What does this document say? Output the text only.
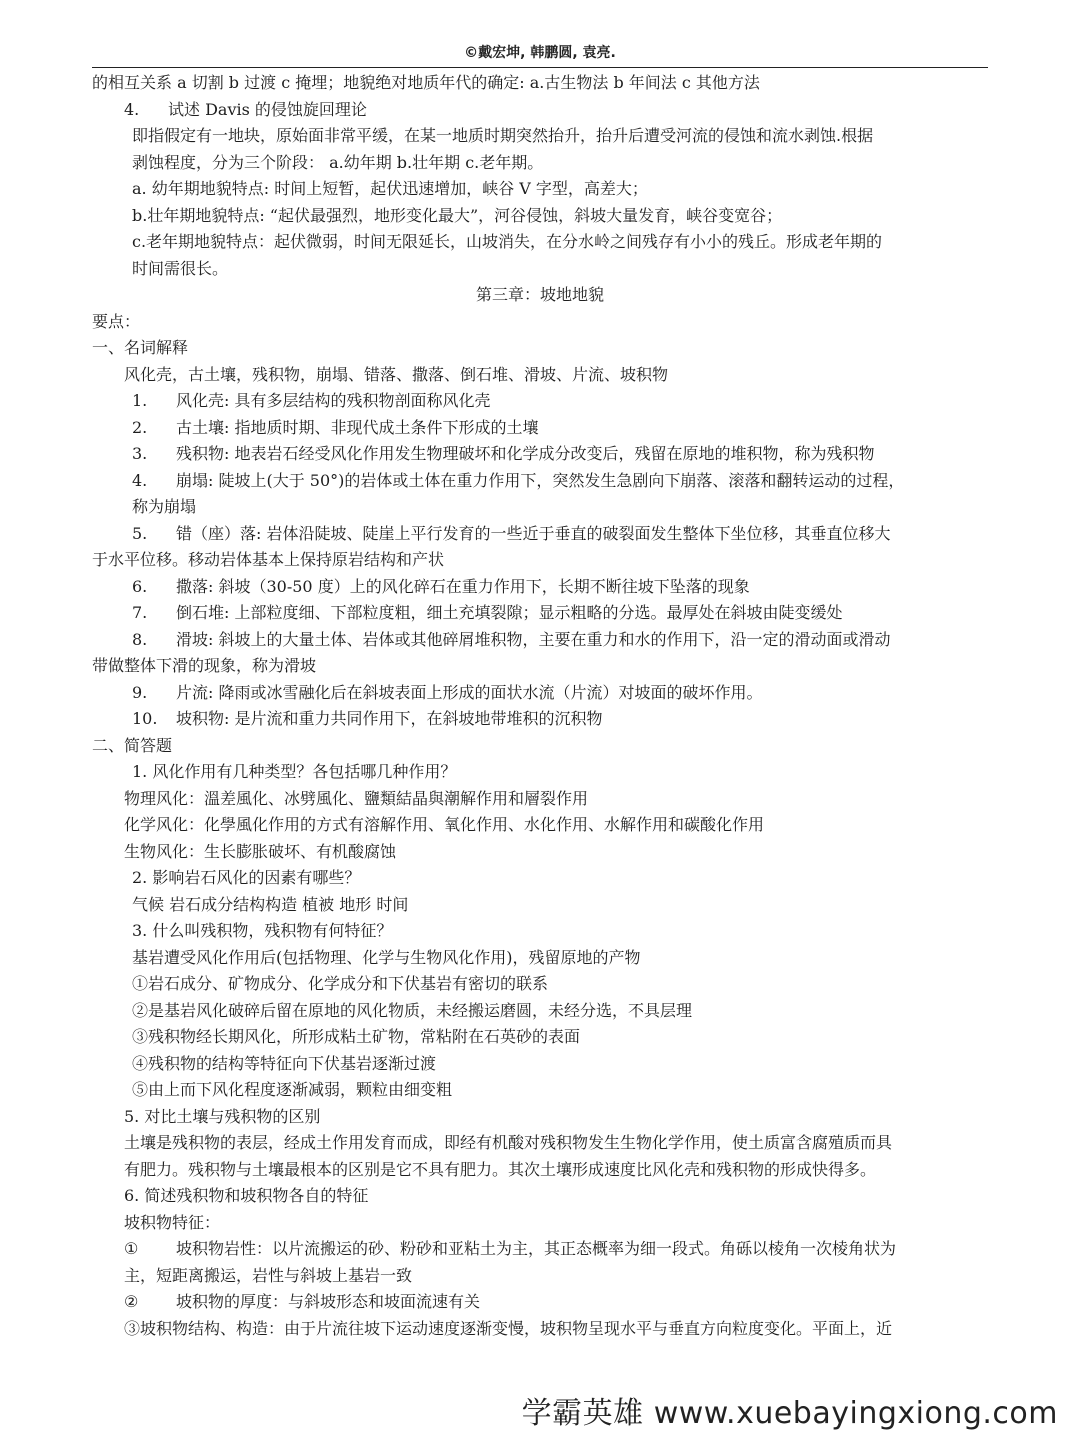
©戴宏坤, 韩鹏圆, 袁亮.
的相互关系 a 切割 b 过渡 c 掩埋；地貌绝对地质年代的确定: a.古生物法 b 年间法 c 其他方法
4. 试述 Davis 的侵蚀旋回理论
即指假定有一地块，原始面非常平缓，在某一地质时期突然抬升，抬升后遭受河流的侵蚀和流水剥蚀.根据
剥蚀程度，分为三个阶段： a.幼年期 b.壮年期 c.老年期。
a. 幼年期地貌特点: 时间上短暂，起伏迅速增加，峡谷 V 字型，高差大；
b.壮年期地貌特点: “起伏最强烈，地形变化最大”，河谷侵蚀，斜坡大量发育，峡谷变宽谷；
c.老年期地貌特点：起伏微弱，时间无限延长，山坡消失，在分水岭之间残存有小小的残丘。形成老年期的
时间需很长。
第三章：坡地地貌
要点：
一、名词解释
风化壳，古土壤，残积物，崩塌、错落、撒落、倒石堆、滑坡、片流、坡积物
1. 风化壳: 具有多层结构的残积物剖面称风化壳
2. 古土壤: 指地质时期、非现代成土条件下形成的土壤
3. 残积物: 地表岩石经受风化作用发生物理破坏和化学成分改变后，残留在原地的堆积物，称为残积物
4. 崩塌: 陡坡上(大于 50°)的岩体或土体在重力作用下，突然发生急剧向下崩落、滚落和翻转运动的过程，
称为崩塌
5. 错（座）落: 岩体沿陡坡、陡崖上平行发育的一些近于垂直的破裂面发生整体下坐位移，其垂直位移大
于水平位移。移动岩体基本上保持原岩结构和产状
6. 撒落: 斜坡（30-50 度）上的风化碎石在重力作用下，长期不断往坡下坠落的现象
7. 倒石堆: 上部粒度细、下部粒度粗，细土充填裂隙；显示粗略的分选。最厚处在斜坡由陡变缓处
8. 滑坡: 斜坡上的大量土体、岩体或其他碎屑堆积物，主要在重力和水的作用下，沿一定的滑动面或滑动
带做整体下滑的现象，称为滑坡
9. 片流: 降雨或冰雪融化后在斜坡表面上形成的面状水流（片流）对坡面的破坏作用。
10. 坡积物: 是片流和重力共同作用下，在斜坡地带堆积的沉积物
二、简答题
1. 风化作用有几种类型？各包括哪几种作用？
物理风化：溫差風化、冰劈風化、鹽類結晶與潮解作用和層裂作用
化学风化：化學風化作用的方式有溶解作用、氧化作用、水化作用、水解作用和碳酸化作用
生物风化：生长膨胀破坏、有机酸腐蚀
2. 影响岩石风化的因素有哪些？
气候 岩石成分结构构造 植被 地形 时间
3. 什么叫残积物，残积物有何特征？
基岩遭受风化作用后(包括物理、化学与生物风化作用)，残留原地的产物
①岩石成分、矿物成分、化学成分和下伏基岩有密切的联系
②是基岩风化破碎后留在原地的风化物质，未经搬运磨圆，未经分选，不具层理
③残积物经长期风化，所形成粘土矿物，常粘附在石英砂的表面
④残积物的结构等特征向下伏基岩逐渐过渡
⑤由上而下风化程度逐渐减弱，颗粒由细变粗
5. 对比土壤与残积物的区别
土壤是残积物的表层，经成土作用发育而成，即经有机酸对残积物发生生物化学作用，使土质富含腐殖质而具
有肥力。残积物与土壤最根本的区别是它不具有肥力。其次土壤形成速度比风化壳和残积物的形成快得多。
6. 简述残积物和坡积物各自的特征
坡积物特征：
① 坡积物岩性：以片流搬运的砂、粉砂和亚粘土为主，其正态概率为细一段式。角砾以棱角一次棱角状为
主，短距离搬运，岩性与斜坡上基岩一致
② 坡积物的厚度：与斜坡形态和坡面流速有关
③坡积物结构、构造：由于片流往坡下运动速度逐渐变慢，坡积物呈现水平与垂直方向粒度变化。平面上，近
学霸英雄 www.xuebayingxiong.com
